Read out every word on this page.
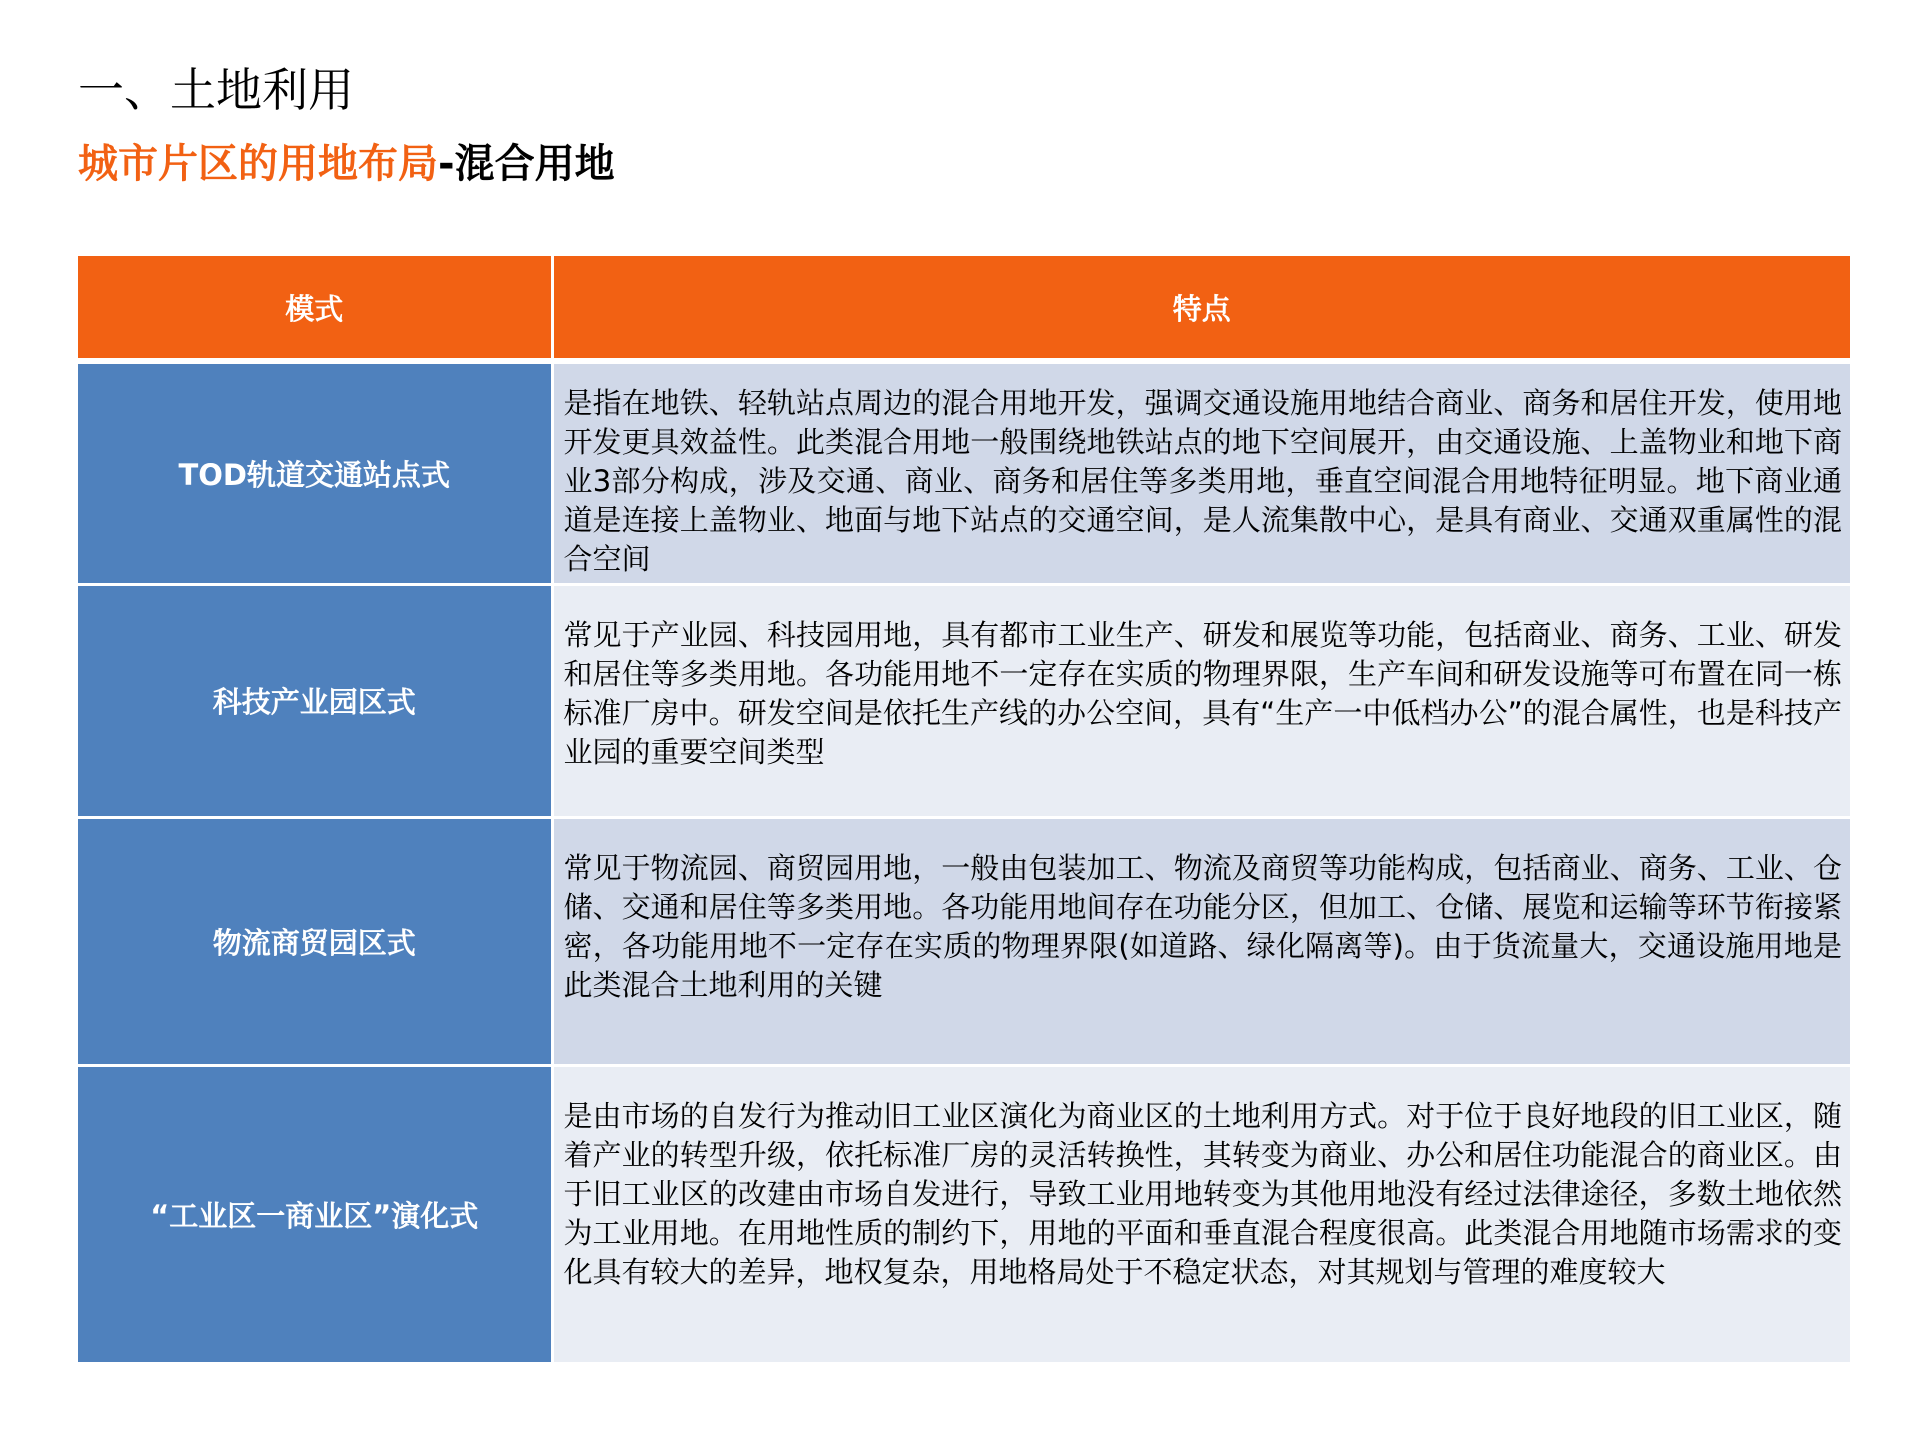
一、土地利用
城市片区的用地布局-混合用地
模式	特点
TOD轨道交通站点式	是指在地铁、轻轨站点周边的混合用地开发，强调交通设施用地结合商业、商务和居住开发，使用地开发更具效益性。此类混合用地一般围绕地铁站点的地下空间展开，由交通设施、上盖物业和地下商业3部分构成，涉及交通、商业、商务和居住等多类用地，垂直空间混合用地特征明显。地下商业通道是连接上盖物业、地面与地下站点的交通空间，是人流集散中心，是具有商业、交通双重属性的混合空间
科技产业园区式	常见于产业园、科技园用地，具有都市工业生产、研发和展览等功能，包括商业、商务、工业、研发和居住等多类用地。各功能用地不一定存在实质的物理界限，生产车间和研发设施等可布置在同一栋标准厂房中。研发空间是依托生产线的办公空间，具有“生产一中低档办公”的混合属性，也是科技产业园的重要空间类型
物流商贸园区式	常见于物流园、商贸园用地，一般由包装加工、物流及商贸等功能构成，包括商业、商务、工业、仓储、交通和居住等多类用地。各功能用地间存在功能分区，但加工、仓储、展览和运输等环节衔接紧密，各功能用地不一定存在实质的物理界限(如道路、绿化隔离等)。由于货流量大，交通设施用地是此类混合土地利用的关键
“工业区一商业区”演化式	是由市场的自发行为推动旧工业区演化为商业区的土地利用方式。对于位于良好地段的旧工业区，随着产业的转型升级，依托标准厂房的灵活转换性，其转变为商业、办公和居住功能混合的商业区。由于旧工业区的改建由市场自发进行，导致工业用地转变为其他用地没有经过法律途径，多数土地依然为工业用地。在用地性质的制约下，用地的平面和垂直混合程度很高。此类混合用地随市场需求的变化具有较大的差异，地权复杂，用地格局处于不稳定状态，对其规划与管理的难度较大
